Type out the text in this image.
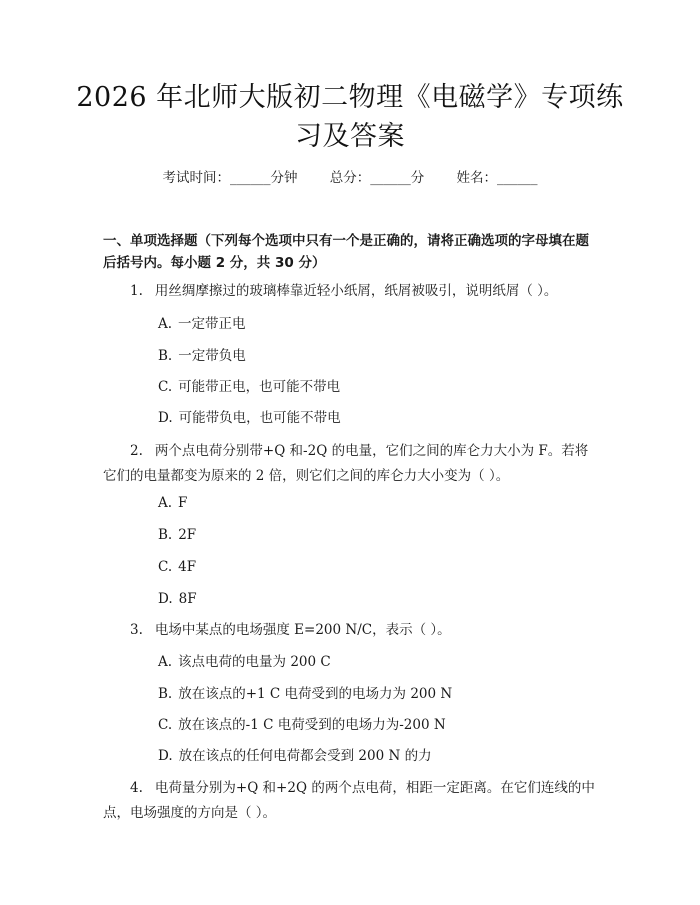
2026 年北师大版初二物理《电磁学》专项练
习及答案
考试时间：______分钟 总分：______分 姓名：______
一、单项选择题（下列每个选项中只有一个是正确的，请将正确选项的字母填在题后括号内。每小题 2 分，共 30 分）
1. 用丝绸摩擦过的玻璃棒靠近轻小纸屑，纸屑被吸引，说明纸屑（ ）。
A. 一定带正电
B. 一定带负电
C. 可能带正电，也可能不带电
D. 可能带负电，也可能不带电
2. 两个点电荷分别带+Q 和-2Q 的电量，它们之间的库仑力大小为 F。若将它们的电量都变为原来的 2 倍，则它们之间的库仑力大小变为（ ）。
A. F
B. 2F
C. 4F
D. 8F
3. 电场中某点的电场强度 E=200 N/C，表示（ ）。
A. 该点电荷的电量为 200 C
B. 放在该点的+1 C 电荷受到的电场力为 200 N
C. 放在该点的-1 C 电荷受到的电场力为-200 N
D. 放在该点的任何电荷都会受到 200 N 的力
4. 电荷量分别为+Q 和+2Q 的两个点电荷，相距一定距离。在它们连线的中点，电场强度的方向是（ ）。
